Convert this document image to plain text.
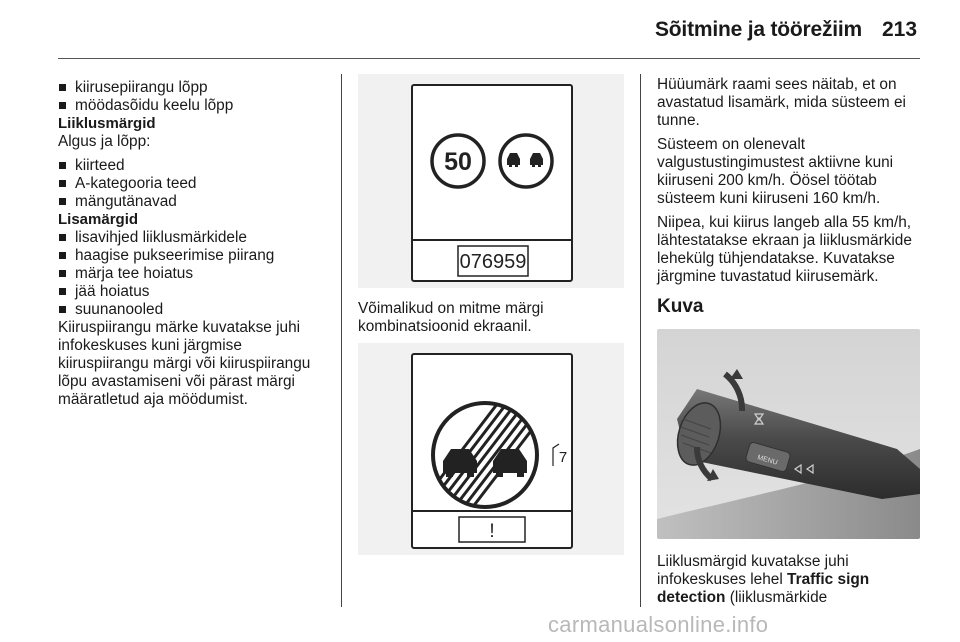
Sõitmine ja töörežiim 213

kiirusepiirangu lõpp

möödasõidu keelu lõpp

Liiklusmärgid

Algus ja lõpp:

kiirteed

A-kategooria teed

mängutänavad

Lisamärgid

lisavihjed liiklusmärkidele

haagise pukseerimise piirang

märja tee hoiatus

jää hoiatus

suunanooled

Kiiruspiirangu märke kuvatakse juhi
infokeskuses kuni järgmise
kiiruspiirangu märgi või kiiruspiirangu
lõpu avastamiseni või pärast märgi
määratletud aja möödumist.

50
076959
Võimalikud on mitme märgi
kombinatsioonid ekraanil.
!
7

Hüüumärk raami sees näitab, et on
avastatud lisamärk, mida süsteem ei
tunne.

Süsteem on olenevalt
valgustustingimustest aktiivne kuni
kiiruseni 200 km/h. Öösel töötab
süsteem kuni kiiruseni 160 km/h.

Niipea, kui kiirus langeb alla 55 km/h,
lähtestatakse ekraan ja liiklusmärkide
lehekülg tühjendatakse. Kuvatakse
järgmine tuvastatud kiirusemärk.

Kuva

MENU
Liiklusmärgid kuvatakse juhi
infokeskuses lehel Traffic sign
detection (liiklusmärkide
carmanualsonline.info
